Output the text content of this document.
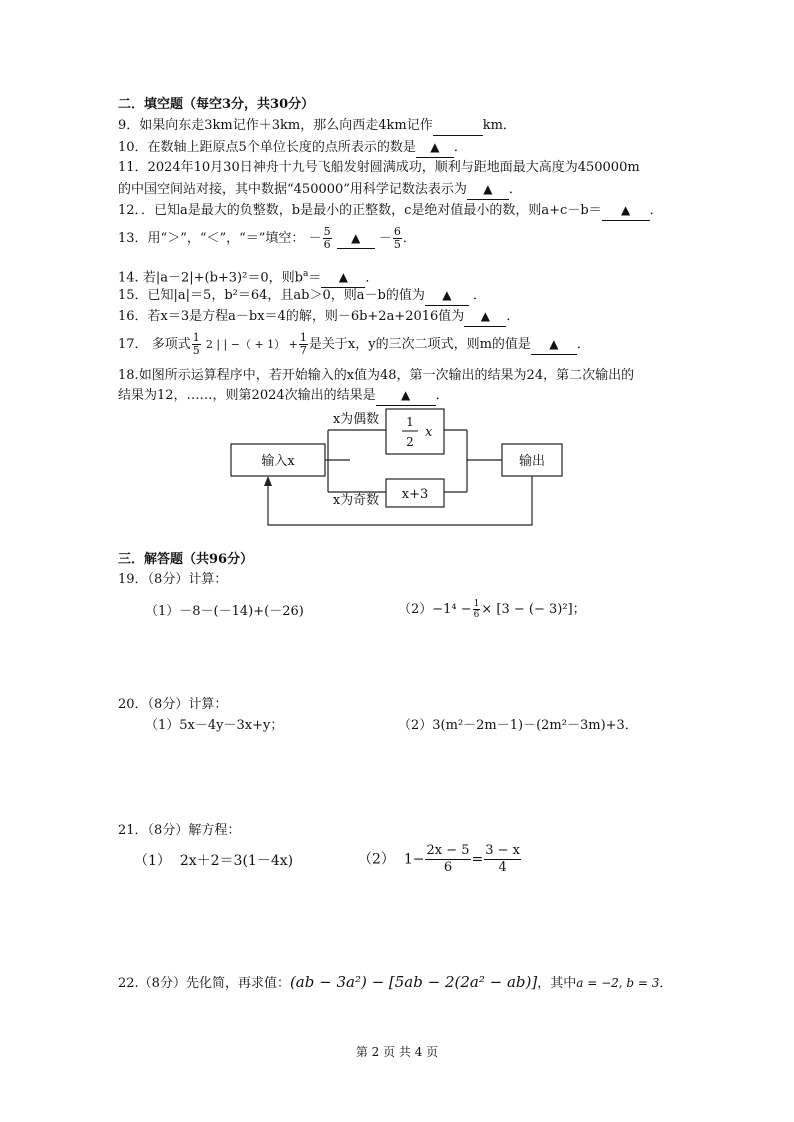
二．填空题（每空3分，共30分）
9．如果向东走3km记作＋3km，那么向西走4km记作	km．
10．在数轴上距原点5个单位长度的点所表示的数是 ▲ ．
11．2024年10月30日神舟十九号飞船发射圆满成功，顺利与距地面最大高度为450000m
的中国空间站对接，其中数据“450000”用科学记数法表示为 ▲ ．
12．．已知a是最大的负整数，b是最小的正整数，c是绝对值最小的数，则a+c－b＝ ▲ ．
13．用“＞”，“＜”，“＝”填空： － $\frac{5}{6}$ ▲ － $\frac{6}{5}$ ．
14. 若|a－2|+(b+3)²＝0，则$b^a=$ ▲ ．
15．已知|a|＝5，b²＝64，且ab＞0，则a－b的值为 ▲ ．
16．若x＝3是方程a－bx＝4的解，则－6b+2a+2016值为 ▲ ．
17． 多项式 $\frac{1}{5} 2$ | | −（ + $1) + \frac{1}{7}$ 是关于x，y的三次二项式，则m的值是 ▲ ．
18.如图所示运算程序中，若开始输入的x值为48，第一次输出的结果为24，第二次输出的
结果为12，……，则第2024次输出的结果是 ▲ ．
输入x	输出
x为偶数
x为奇数
1
2
x
x+3
三．解答题（共96分）
19．（8分）计算：
（1）－8－(－14)+(－26)	$(2)-1^4 - \frac{1}{6} \times [3$ − (− 3)²]；
20．（8分）计算：
（1）5x－4y－3x+y；	（2）3(m²－2m－1)－(2m²－3m)+3．
21．（8分）解方程：
（1） 2x＋2＝3(1－4x)	（2） $1- \frac{2x - 5}{6} = \frac{3 - x}{4}$
22.（8分）先化简，再求值：(ab − 3a²) − [5ab − 2(2a² − ab)]，其中a = −2, b = 3．
第 2 页 共 4 页
